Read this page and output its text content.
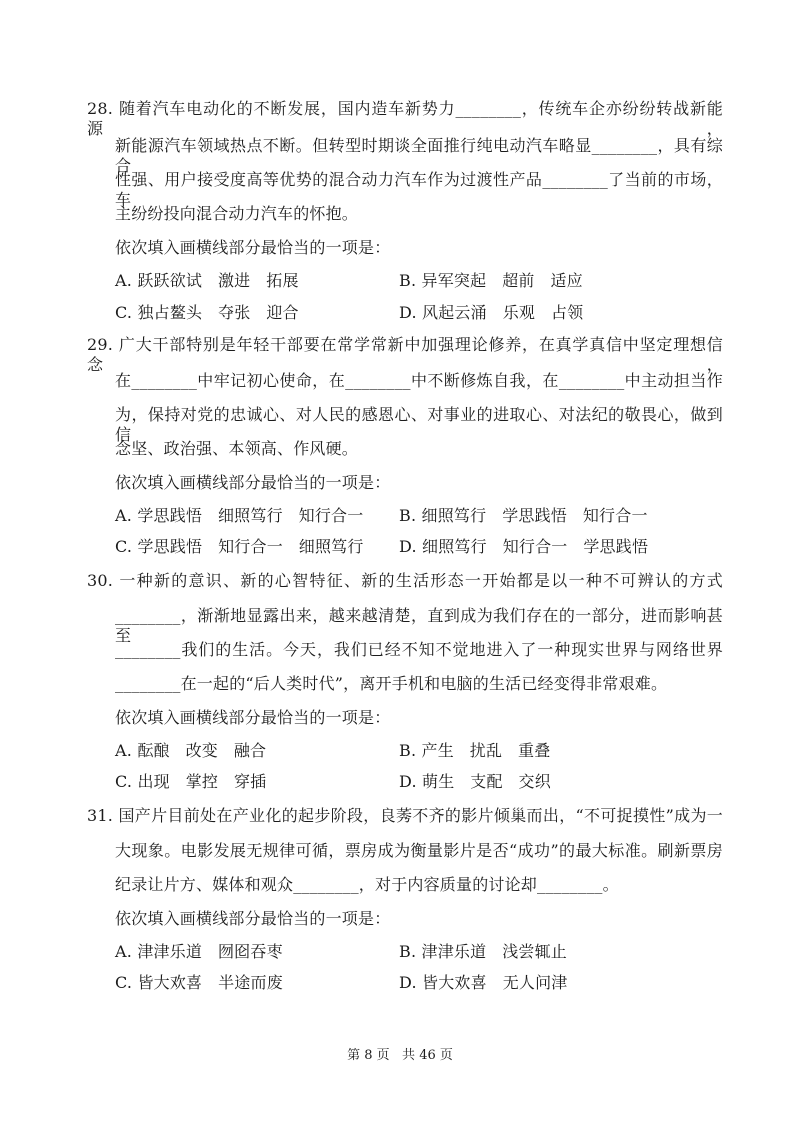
28. 随着汽车电动化的不断发展，国内造车新势力________，传统车企亦纷纷转战新能源，
新能源汽车领域热点不断。但转型时期谈全面推行纯电动汽车略显________，具有综合
性强、用户接受度高等优势的混合动力汽车作为过渡性产品________了当前的市场，车
主纷纷投向混合动力汽车的怀抱。
依次填入画横线部分最恰当的一项是：
A. 跃跃欲试   激进   拓展	B. 异军突起   超前   适应
C. 独占鳌头   夺张   迎合	D. 风起云涌   乐观   占领
29. 广大干部特别是年轻干部要在常学常新中加强理论修养，在真学真信中坚定理想信念，
在________中牢记初心使命，在________中不断修炼自我，在________中主动担当作
为，保持对党的忠诚心、对人民的感恩心、对事业的进取心、对法纪的敬畏心，做到信
念坚、政治强、本领高、作风硬。
依次填入画横线部分最恰当的一项是：
A. 学思践悟   细照笃行   知行合一 B. 细照笃行   学思践悟   知行合一
C. 学思践悟   知行合一   细照笃行 D. 细照笃行   知行合一   学思践悟
30. 一种新的意识、新的心智特征、新的生活形态一开始都是以一种不可辨认的方式
________，渐渐地显露出来，越来越清楚，直到成为我们存在的一部分，进而影响甚至
________我们的生活。今天，我们已经不知不觉地进入了一种现实世界与网络世界
________在一起的“后人类时代”，离开手机和电脑的生活已经变得非常艰难。
依次填入画横线部分最恰当的一项是：
A. 酝酿   改变   融合	B. 产生   扰乱   重叠
C. 出现   掌控   穿插	D. 萌生   支配   交织
31. 国产片目前处在产业化的起步阶段，良莠不齐的影片倾巢而出，“不可捉摸性”成为一
大现象。电影发展无规律可循，票房成为衡量影片是否“成功”的最大标准。刷新票房
纪录让片方、媒体和观众________，对于内容质量的讨论却________。
依次填入画横线部分最恰当的一项是：
A. 津津乐道   囫囵吞枣	B. 津津乐道   浅尝辄止
C. 皆大欢喜   半途而废	D. 皆大欢喜   无人问津
第 8 页   共 46 页
